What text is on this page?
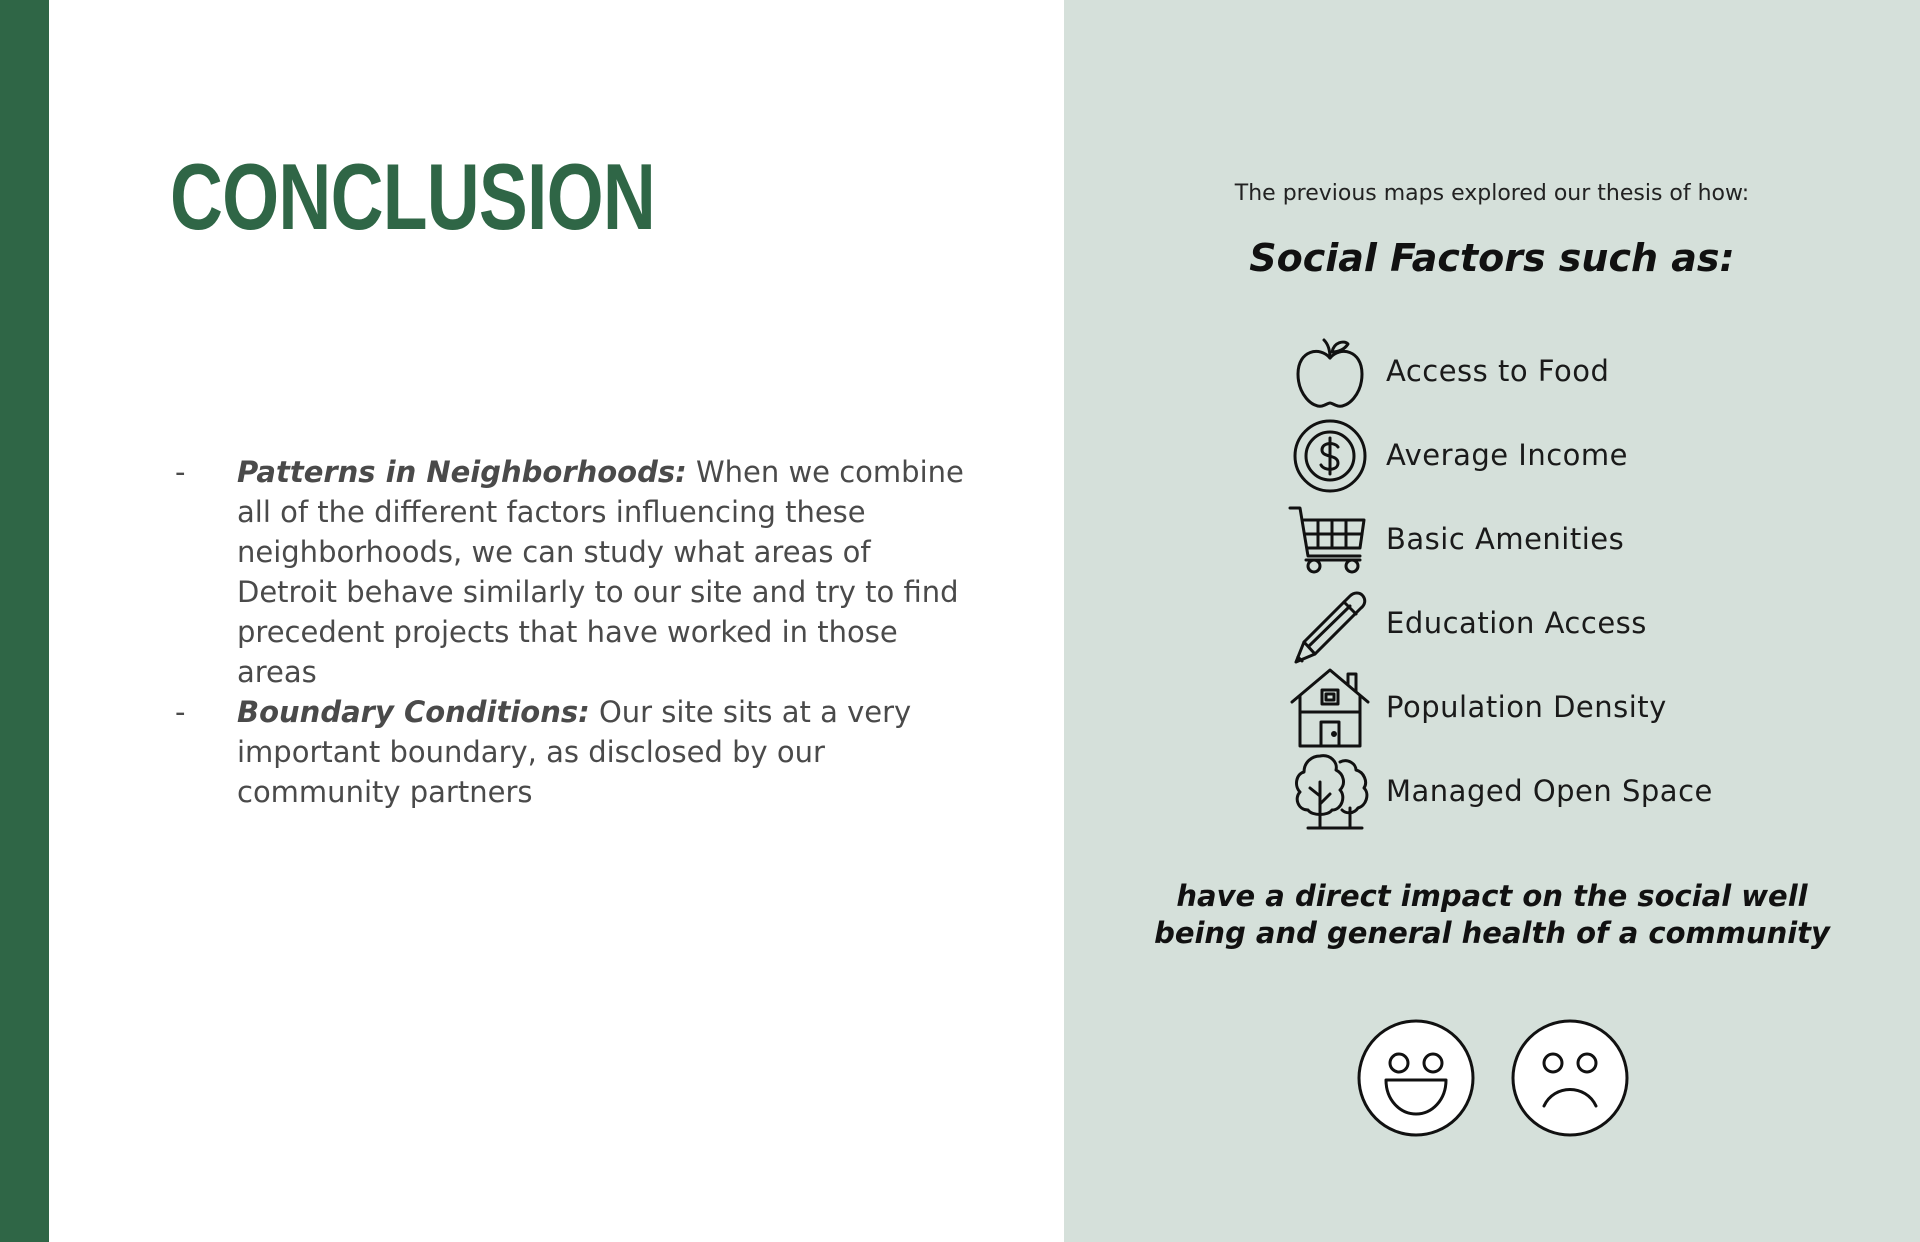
CONCLUSION
- Patterns in Neighborhoods: When we combine all of the different factors influencing these neighborhoods, we can study what areas of Detroit behave similarly to our site and try to find precedent projects that have worked in those areas
- Boundary Conditions: Our site sits at a very important boundary, as disclosed by our community partners

The previous maps explored our thesis of how:

Social Factors such as:
Access to Food
Average Income
Basic Amenities
Education Access
Population Density
Managed Open Space

have a direct impact on the social well
being and general health of a community
